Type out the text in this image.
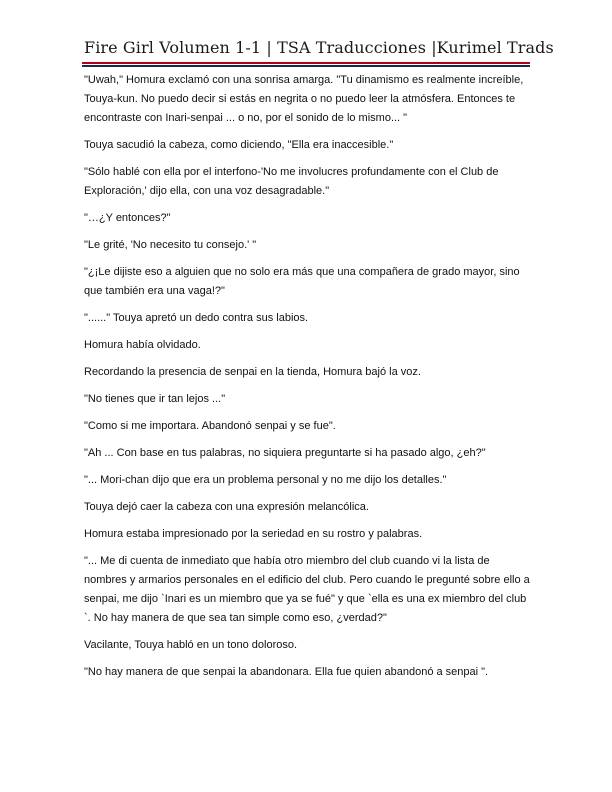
Fire Girl Volumen 1-1 | TSA Traducciones |Kurimel Trads

"Uwah," Homura exclamó con una sonrisa amarga. "Tu dinamismo es realmente increíble, Touya-kun. No puedo decir si estás en negrita o no puedo leer la atmósfera. Entonces te encontraste con Inari-senpai ... o no, por el sonido de lo mismo... "

Touya sacudió la cabeza, como diciendo, "Ella era inaccesible."

"Sólo hablé con ella por el interfono-'No me involucres profundamente con el Club de Exploración,' dijo ella, con una voz desagradable."

"…¿Y entonces?"

"Le grité, 'No necesito tu consejo.' "

"¿¡Le dijiste eso a alguien que no solo era más que una compañera de grado mayor, sino que también era una vaga!?"

"......" Touya apretó un dedo contra sus labios.

Homura había olvidado.

Recordando la presencia de senpai en la tienda, Homura bajó la voz.

"No tienes que ir tan lejos ..."

"Como si me importara. Abandonó senpai y se fue".

"Ah ... Con base en tus palabras, no siquiera preguntarte si ha pasado algo, ¿eh?"

"... Mori-chan dijo que era un problema personal y no me dijo los detalles."

Touya dejó caer la cabeza con una expresión melancólica.

Homura estaba impresionado por la seriedad en su rostro y palabras.

"... Me di cuenta de inmediato que había otro miembro del club cuando vi la lista de nombres y armarios personales en el edificio del club. Pero cuando le pregunté sobre ello a senpai, me dijo `Inari es un miembro que ya se fué" y que `ella es una ex miembro del club `. No hay manera de que sea tan simple como eso, ¿verdad?"

Vacilante, Touya habló en un tono doloroso.

"No hay manera de que senpai la abandonara. Ella fue quien abandonó a senpai ".
